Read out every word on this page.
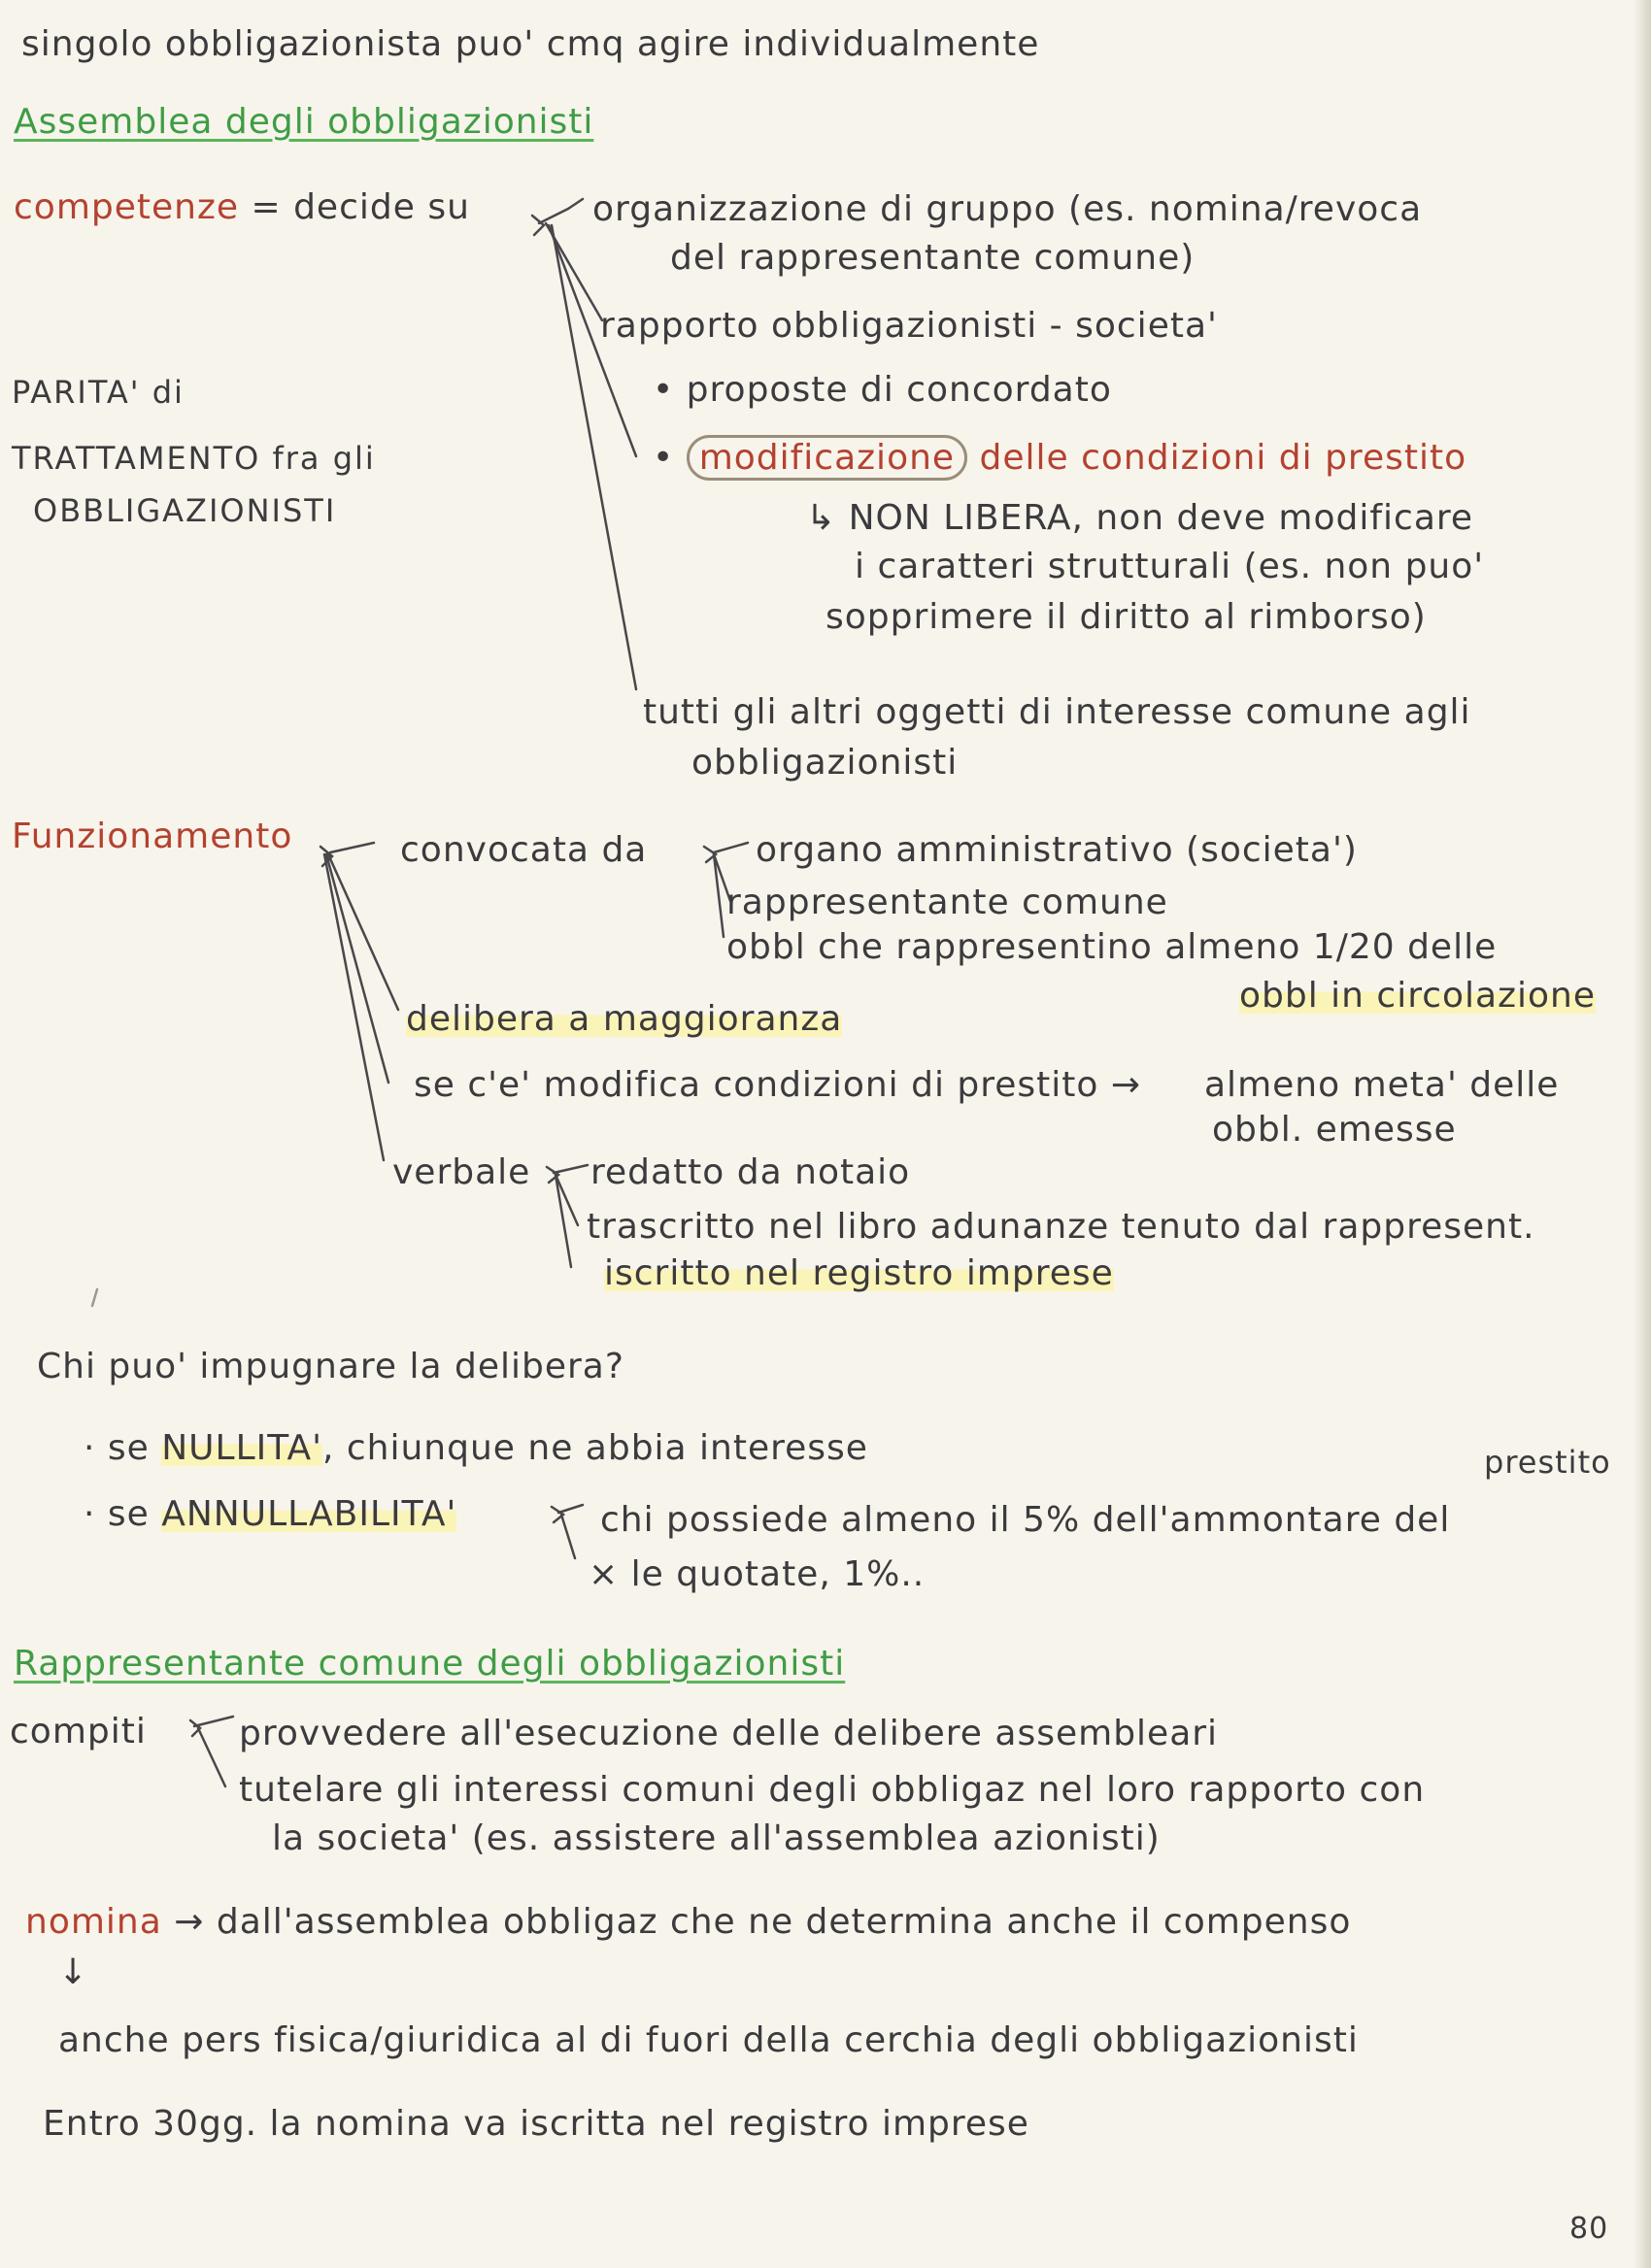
singolo obbligazionista puo' cmq agire individualmente

Assemblea degli obbligazionisti

competenze = decide su	organizzazione di gruppo (es. nomina/revoca

del rappresentante comune)

rapporto obbligazionisti - societa'

• proposte di concordato

• modificazione delle condizioni di prestito

↳ NON LIBERA, non deve modificare

i caratteri strutturali (es. non puo'

sopprimere il diritto al rimborso)

tutti gli altri oggetti di interesse comune agli

obbligazionisti

PARITA' di

TRATTAMENTO fra gli

OBBLIGAZIONISTI

Funzionamento	convocata da	organo amministrativo (societa')

rappresentante comune

obbl che rappresentino almeno 1/20 delle

obbl in circolazione

delibera a maggioranza

se c'e' modifica condizioni di prestito → almeno meta' delle

obbl. emesse

verbale redatto da notaio

trascritto nel libro adunanze tenuto dal rappresent.

iscritto nel registro imprese

Chi puo' impugnare la delibera?

· se NULLITA', chiunque ne abbia interesse	prestito

· se ANNULLABILITA'	chi possiede almeno il 5% dell'ammontare del

× le quotate, 1%..

Rappresentante comune degli obbligazionisti

compiti	provvedere all'esecuzione delle delibere assembleari

tutelare gli interessi comuni degli obbligaz nel loro rapporto con

la societa' (es. assistere all'assemblea azionisti)

nomina → dall'assemblea obbligaz che ne determina anche il compenso

↓

anche pers fisica/giuridica al di fuori della cerchia degli obbligazionisti

Entro 30gg. la nomina va iscritta nel registro imprese

80
